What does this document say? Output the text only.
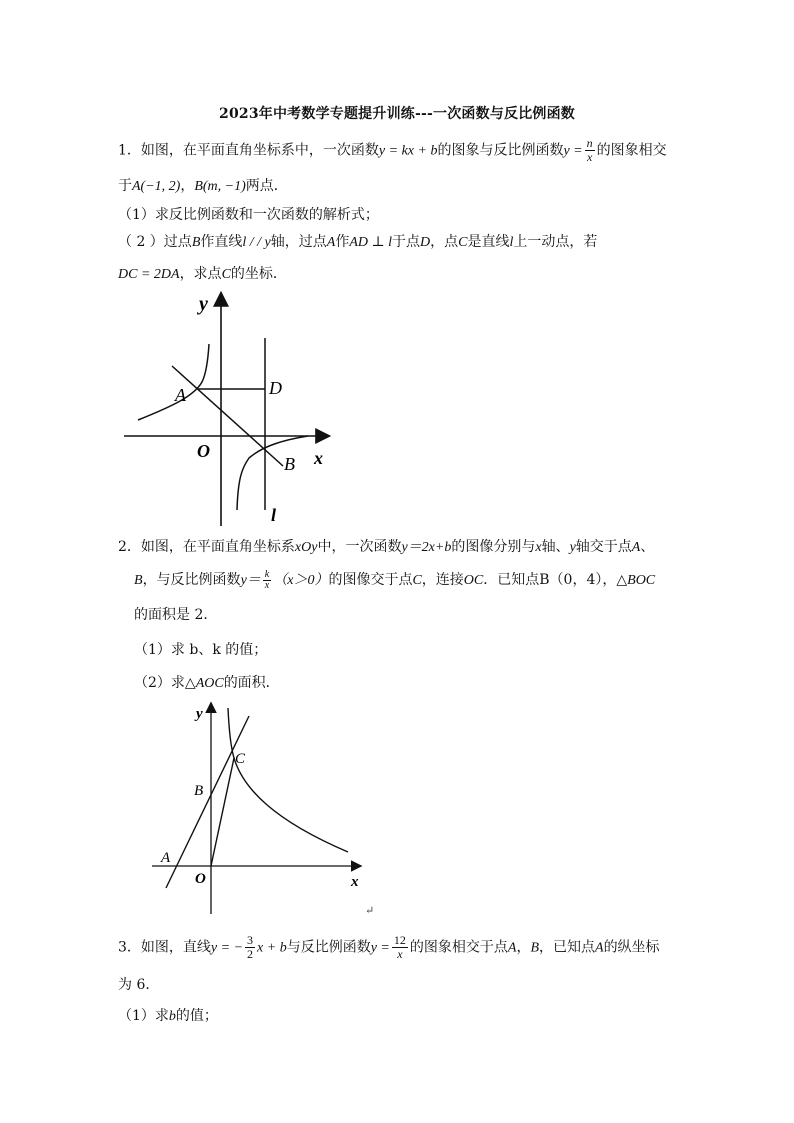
2023年中考数学专题提升训练---一次函数与反比例函数
1．如图，在平面直角坐标系中，一次函数y = kx + b的图象与反比例函数$y = \frac{n}{x}$ 的图象相交
于A(−1, 2)，B(m, −1)两点．
（1）求反比例函数和一次函数的解析式；
（ 2 ）过点B作直线l / / y轴，过点A作AD ⊥ l于点D，点C是直线l上一动点，若
DC = 2DA，求点C的坐标．
y
x
O
A	D
B
l
2．如图，在平面直角坐标系xOy中，一次函数y＝2x+b的图像分别与x轴、y轴交于点A、
B，与反比例函数$y= \frac{k}{x} (x>0)$的图像交于点C，连接OC．已知点B（0，4），△BOC
的面积是 2．
（1）求 b、k 的值；
（2）求△AOC的面积．
y
x
O
A
B
C
↵
3．如图，直线y = − $\frac{3}{2}$ x + b与反比例函数$y = \frac{12}{x}$ 的图象相交于点A，B，已知点A的纵坐标
为 6．
（1）求b的值；
